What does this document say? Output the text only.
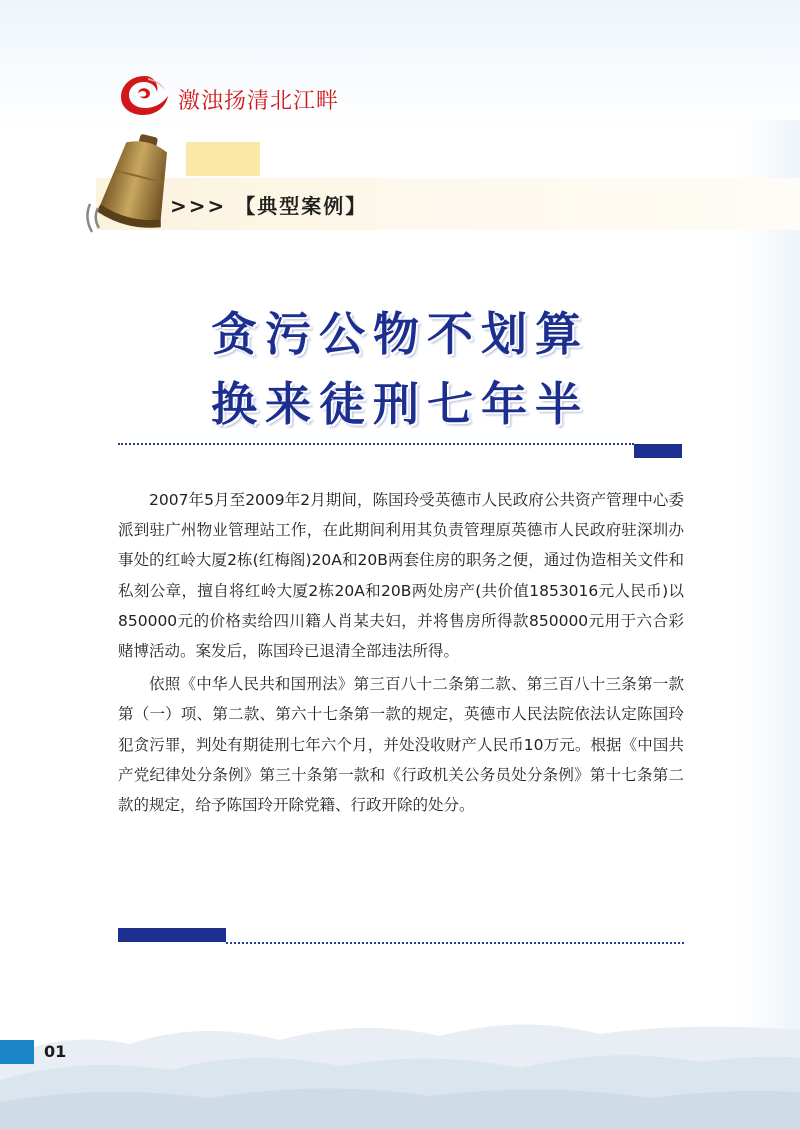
激浊扬清北江畔
>>> 【典型案例】
贪污公物不划算
换来徒刑七年半

2007年5月至2009年2月期间，陈国玲受英德市人民政府公共资产管理中心委派到驻广州物业管理站工作，在此期间利用其负责管理原英德市人民政府驻深圳办事处的红岭大厦2栋(红梅阁)20A和20B两套住房的职务之便，通过伪造相关文件和私刻公章，擅自将红岭大厦2栋20A和20B两处房产(共价值1853016元人民币)以850000元的价格卖给四川籍人肖某夫妇，并将售房所得款850000元用于六合彩赌博活动。案发后，陈国玲已退清全部违法所得。

依照《中华人民共和国刑法》第三百八十二条第二款、第三百八十三条第一款第（一）项、第二款、第六十七条第一款的规定，英德市人民法院依法认定陈国玲犯贪污罪，判处有期徒刑七年六个月，并处没收财产人民币10万元。根据《中国共产党纪律处分条例》第三十条第一款和《行政机关公务员处分条例》第十七条第二款的规定，给予陈国玲开除党籍、行政开除的处分。

01
